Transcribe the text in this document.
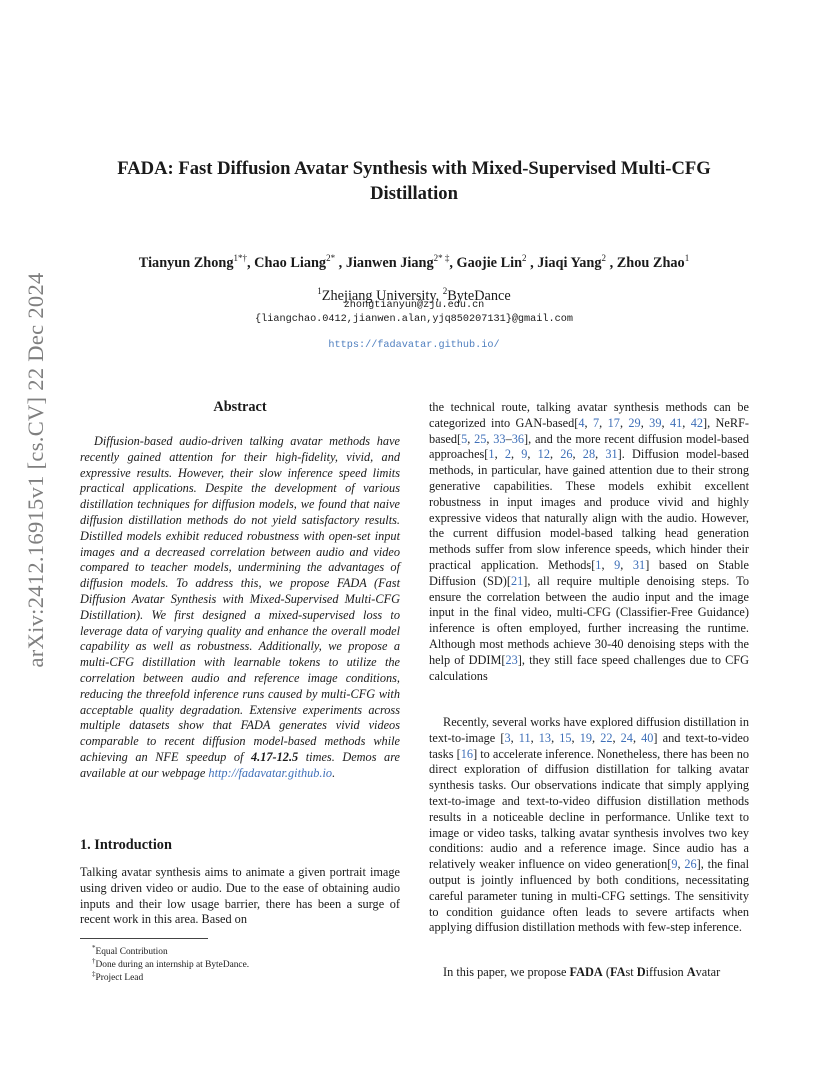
arXiv:2412.16915v1 [cs.CV] 22 Dec 2024
FADA: Fast Diffusion Avatar Synthesis with Mixed-Supervised Multi-CFG Distillation
Tianyun Zhong$^{1*\dagger}$, Chao Liang$^{2*}$ , Jianwen Jiang$^{2* \ddagger}$, Gaojie Lin$^2$ , Jiaqi Yang$^2$ , Zhou Zhao$^1$
$^1$Zhejiang University, $^2$ByteDance
zhongtianyun@zju.edu.cn
{liangchao.0412,jianwen.alan,yjq850207131}@gmail.com
https://fadavatar.github.io/
Abstract
Diffusion-based audio-driven talking avatar methods have recently gained attention for their high-fidelity, vivid, and expressive results. However, their slow inference speed limits practical applications. Despite the development of various distillation techniques for diffusion models, we found that naive diffusion distillation methods do not yield satisfactory results. Distilled models exhibit reduced robustness with open-set input images and a decreased correlation between audio and video compared to teacher models, undermining the advantages of diffusion models. To address this, we propose FADA (Fast Diffusion Avatar Synthesis with Mixed-Supervised Multi-CFG Distillation). We first designed a mixed-supervised loss to leverage data of varying quality and enhance the overall model capability as well as robustness. Additionally, we propose a multi-CFG distillation with learnable tokens to utilize the correlation between audio and reference image conditions, reducing the threefold inference runs caused by multi-CFG with acceptable quality degradation. Extensive experiments across multiple datasets show that FADA generates vivid videos comparable to recent diffusion model-based methods while achieving an NFE speedup of 4.17-12.5 times. Demos are available at our webpage http://fadavatar.github.io.
1. Introduction
Talking avatar synthesis aims to animate a given portrait image using driven video or audio. Due to the ease of obtaining audio inputs and their low usage barrier, there has been a surge of recent work in this area. Based on
*Equal Contribution
†Done during an internship at ByteDance.
‡Project Lead
the technical route, talking avatar synthesis methods can be categorized into GAN-based[4, 7, 17, 29, 39, 41, 42], NeRF-based[5, 25, 33–36], and the more recent diffusion model-based approaches[1, 2, 9, 12, 26, 28, 31]. Diffusion model-based methods, in particular, have gained attention due to their strong generative capabilities. These models exhibit excellent robustness in input images and produce vivid and highly expressive videos that naturally align with the audio. However, the current diffusion model-based talking head generation methods suffer from slow inference speeds, which hinder their practical application. Methods[1, 9, 31] based on Stable Diffusion (SD)[21], all require multiple denoising steps. To ensure the correlation between the audio input and the image input in the final video, multi-CFG (Classifier-Free Guidance) inference is often employed, further increasing the runtime. Although most methods achieve 30-40 denoising steps with the help of DDIM[23], they still face speed challenges due to CFG calculations
Recently, several works have explored diffusion distillation in text-to-image [3, 11, 13, 15, 19, 22, 24, 40] and text-to-video tasks [16] to accelerate inference. Nonetheless, there has been no direct exploration of diffusion distillation for talking avatar synthesis tasks. Our observations indicate that simply applying text-to-image and text-to-video diffusion distillation methods results in a noticeable decline in performance. Unlike text to image or video tasks, talking avatar synthesis involves two key conditions: audio and a reference image. Since audio has a relatively weaker influence on video generation[9, 26], the final output is jointly influenced by both conditions, necessitating careful parameter tuning in multi-CFG settings. The sensitivity to condition guidance often leads to severe artifacts when applying diffusion distillation methods with few-step inference.
In this paper, we propose FADA (FAst Diffusion Avatar
